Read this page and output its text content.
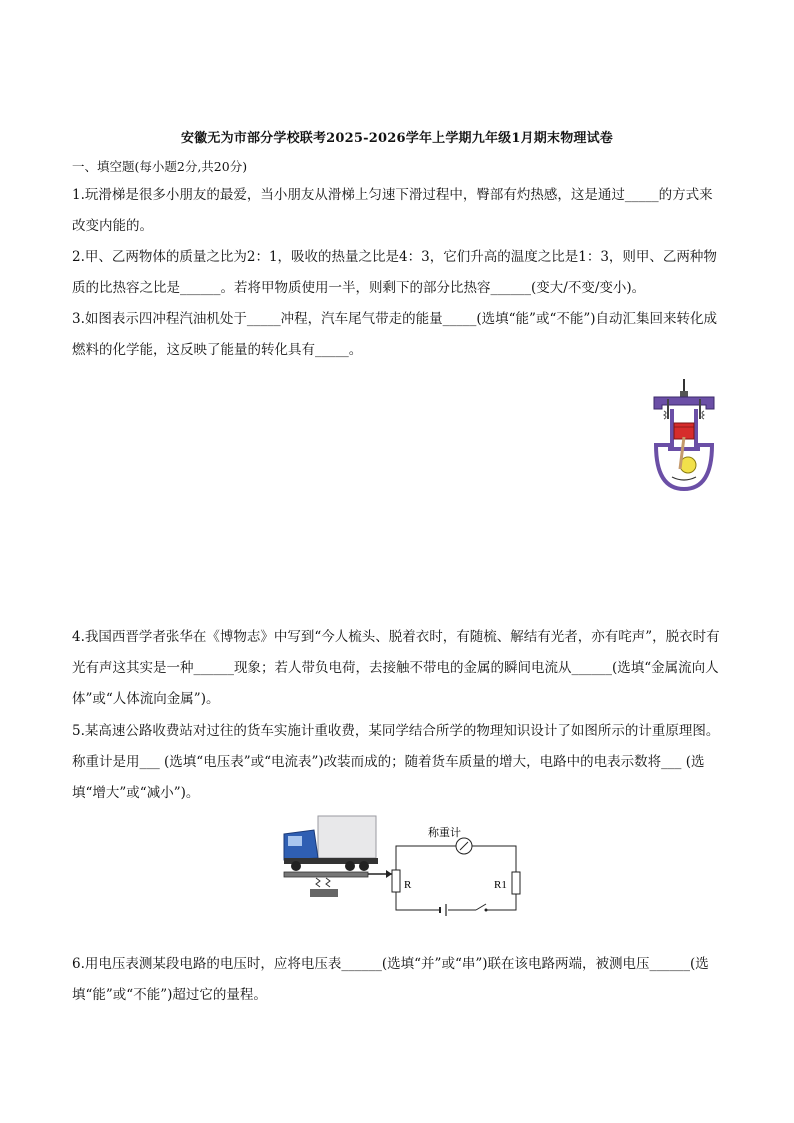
安徽无为市部分学校联考2025-2026学年上学期九年级1月期末物理试卷
一、填空题(每小题2分,共20分)
1.玩滑梯是很多小朋友的最爱，当小朋友从滑梯上匀速下滑过程中，臀部有灼热感，这是通过_____的方式来改变内能的。
2.甲、乙两物体的质量之比为2：1，吸收的热量之比是4：3，它们升高的温度之比是1：3，则甲、乙两种物质的比热容之比是______。若将甲物质使用一半，则剩下的部分比热容______(变大/不变/变小)。
3.如图表示四冲程汽油机处于_____冲程，汽车尾气带走的能量_____(选填“能”或“不能”)自动汇集回来转化成燃料的化学能，这反映了能量的转化具有_____。
4.我国西晋学者张华在《博物志》中写到“今人梳头、脱着衣时，有随梳、解结有光者，亦有咤声”，脱衣时有光有声这其实是一种______现象；若人带负电荷，去接触不带电的金属的瞬间电流从______(选填“金属流向人体”或“人体流向金属”)。
5.某高速公路收费站对过往的货车实施计重收费，某同学结合所学的物理知识设计了如图所示的计重原理图。称重计是用___ (选填“电压表”或“电流表”)改装而成的；随着货车质量的增大，电路中的电表示数将___ (选填“增大”或“减小”)。
R
称重计
R1
6.用电压表测某段电路的电压时，应将电压表______(选填“并”或“串”)联在该电路两端，被测电压______(选填“能”或“不能”)超过它的量程。
